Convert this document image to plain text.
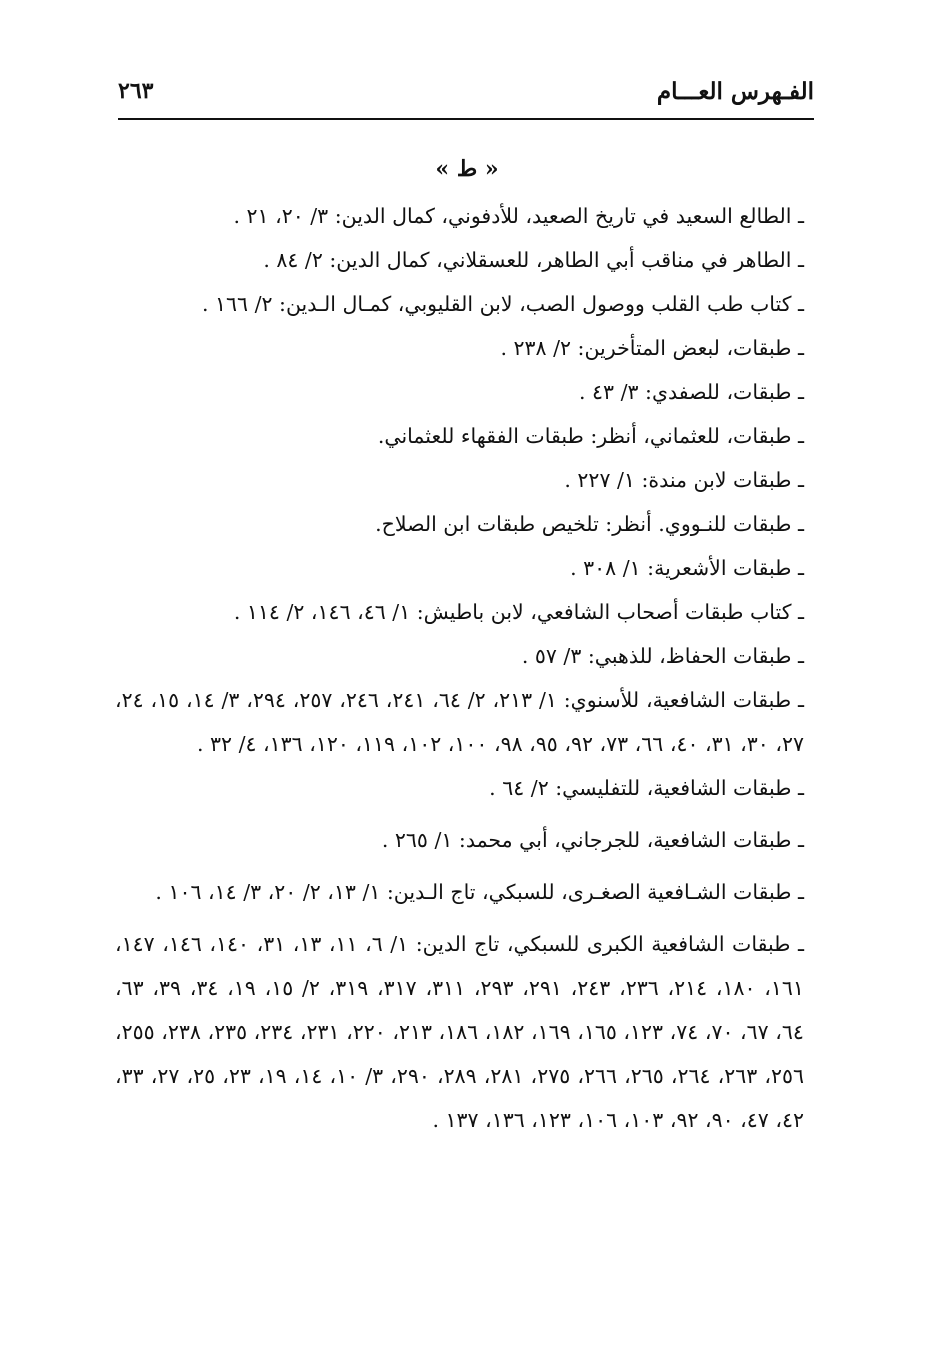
الفـهرس العـــام
٢٦٣
« ط »
ـ الطالع السعيد في تاريخ الصعيد، للأدفوني، كمال الدين: ٣/ ٢٠، ٢١ .
ـ الطاهر في مناقب أبي الطاهر، للعسقلاني، كمال الدين: ٢/ ٨٤ .
ـ كتاب طب القلب ووصول الصب، لابن القليوبي، كمـال الـدين: ٢/ ١٦٦ .
ـ طبقات، لبعض المتأخرين: ٢/ ٢٣٨ .
ـ طبقات، للصفدي: ٣/ ٤٣ .
ـ طبقات، للعثماني، أنظر: طبقات الفقهاء للعثماني.
ـ طبقات لابن مندة: ١/ ٢٢٧ .
ـ طبقات للنـووي. أنظر: تلخيص طبقات ابن الصلاح.
ـ طبقات الأشعرية: ١/ ٣٠٨ .
ـ كتاب طبقات أصحاب الشافعي، لابن باطيش: ١/ ٤٦، ١٤٦، ٢/ ١١٤ .
ـ طبقات الحفاظ، للذهبي: ٣/ ٥٧ .
ـ طبقات الشافعية، للأسنوي: ١/ ٢١٣، ٢/ ٦٤، ٢٤١، ٢٤٦، ٢٥٧، ٢٩٤، ٣/ ١٤، ١٥، ٢٤، ٢٧، ٣٠، ٣١، ٤٠، ٦٦، ٧٣، ٩٢، ٩٥، ٩٨، ١٠٠، ١٠٢، ١١٩، ١٢٠، ١٣٦، ٤/ ٣٢ .
ـ طبقات الشافعية، للتفليسي: ٢/ ٦٤ .
ـ طبقات الشافعية، للجرجاني، أبي محمد: ١/ ٢٦٥ .
ـ طبقات الشـافعية الصغـرى، للسبكي، تاج الـدين: ١/ ١٣، ٢/ ٢٠، ٣/ ١٤، ١٠٦ .
ـ طبقات الشافعية الكبرى للسبكي، تاج الدين: ١/ ٦، ١١، ١٣، ٣١، ١٤٠، ١٤٦، ١٤٧، ١٦١، ١٨٠، ٢١٤، ٢٣٦، ٢٤٣، ٢٩١، ٢٩٣، ٣١١، ٣١٧، ٣١٩، ٢/ ١٥، ١٩، ٣٤، ٣٩، ٦٣، ٦٤، ٦٧، ٧٠، ٧٤، ١٢٣، ١٦٥، ١٦٩، ١٨٢، ١٨٦، ٢١٣، ٢٢٠، ٢٣١، ٢٣٤، ٢٣٥، ٢٣٨، ٢٥٥، ٢٥٦، ٢٦٣، ٢٦٤، ٢٦٥، ٢٦٦، ٢٧٥، ٢٨١، ٢٨٩، ٢٩٠، ٣/ ١٠، ١٤، ١٩، ٢٣، ٢٥، ٢٧، ٣٣، ٤٢، ٤٧، ٩٠، ٩٢، ١٠٣، ١٠٦، ١٢٣، ١٣٦، ١٣٧ .
